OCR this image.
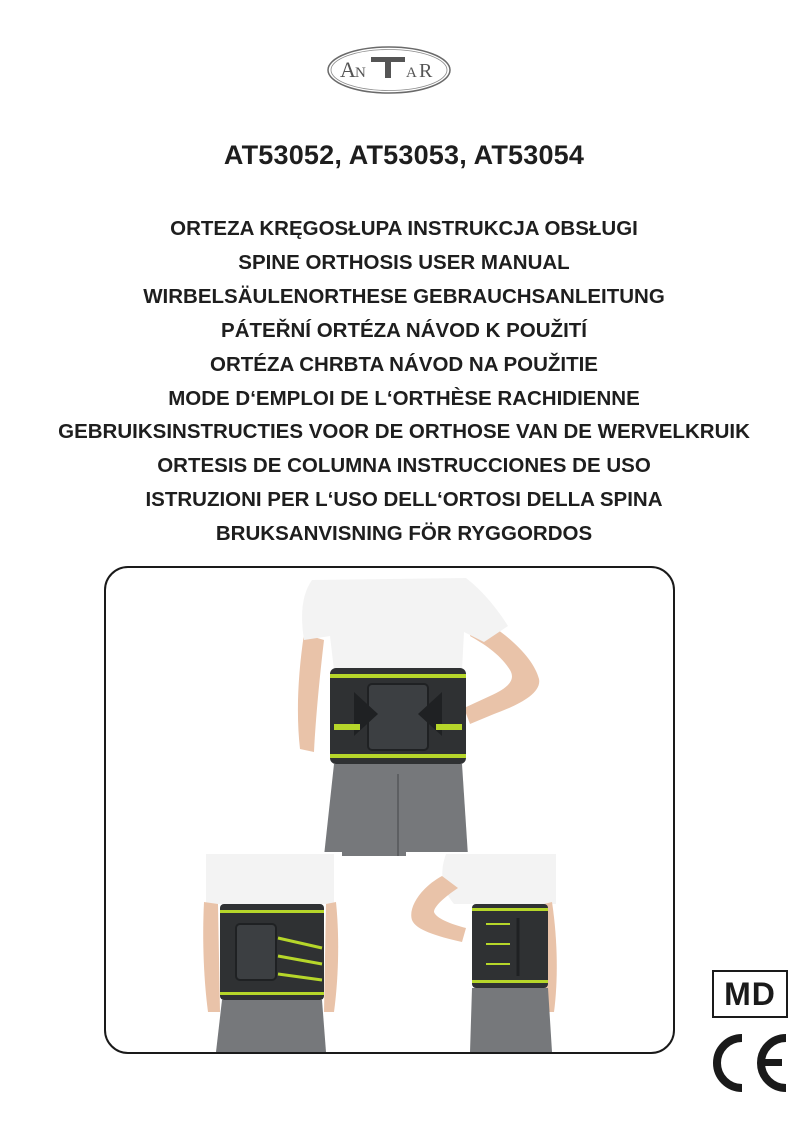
A N	A R
AT53052, AT53053, AT53054
ORTEZA KRĘGOSŁUPA INSTRUKCJA OBSŁUGI
SPINE ORTHOSIS USER MANUAL
WIRBELSÄULENORTHESE GEBRAUCHSANLEITUNG
PÁTEŘNÍ ORTÉZA NÁVOD K POUŽITÍ
ORTÉZA CHRBTA NÁVOD NA POUŽITIE
MODE D‘EMPLOI DE L‘ORTHÈSE RACHIDIENNE
GEBRUIKSINSTRUCTIES VOOR DE ORTHOSE VAN DE WERVELKRUIK
ORTESIS DE COLUMNA INSTRUCCIONES DE USO
ISTRUZIONI PER L‘USO DELL‘ORTOSI DELLA SPINA
BRUKSANVISNING FÖR RYGGORDOS
MD
